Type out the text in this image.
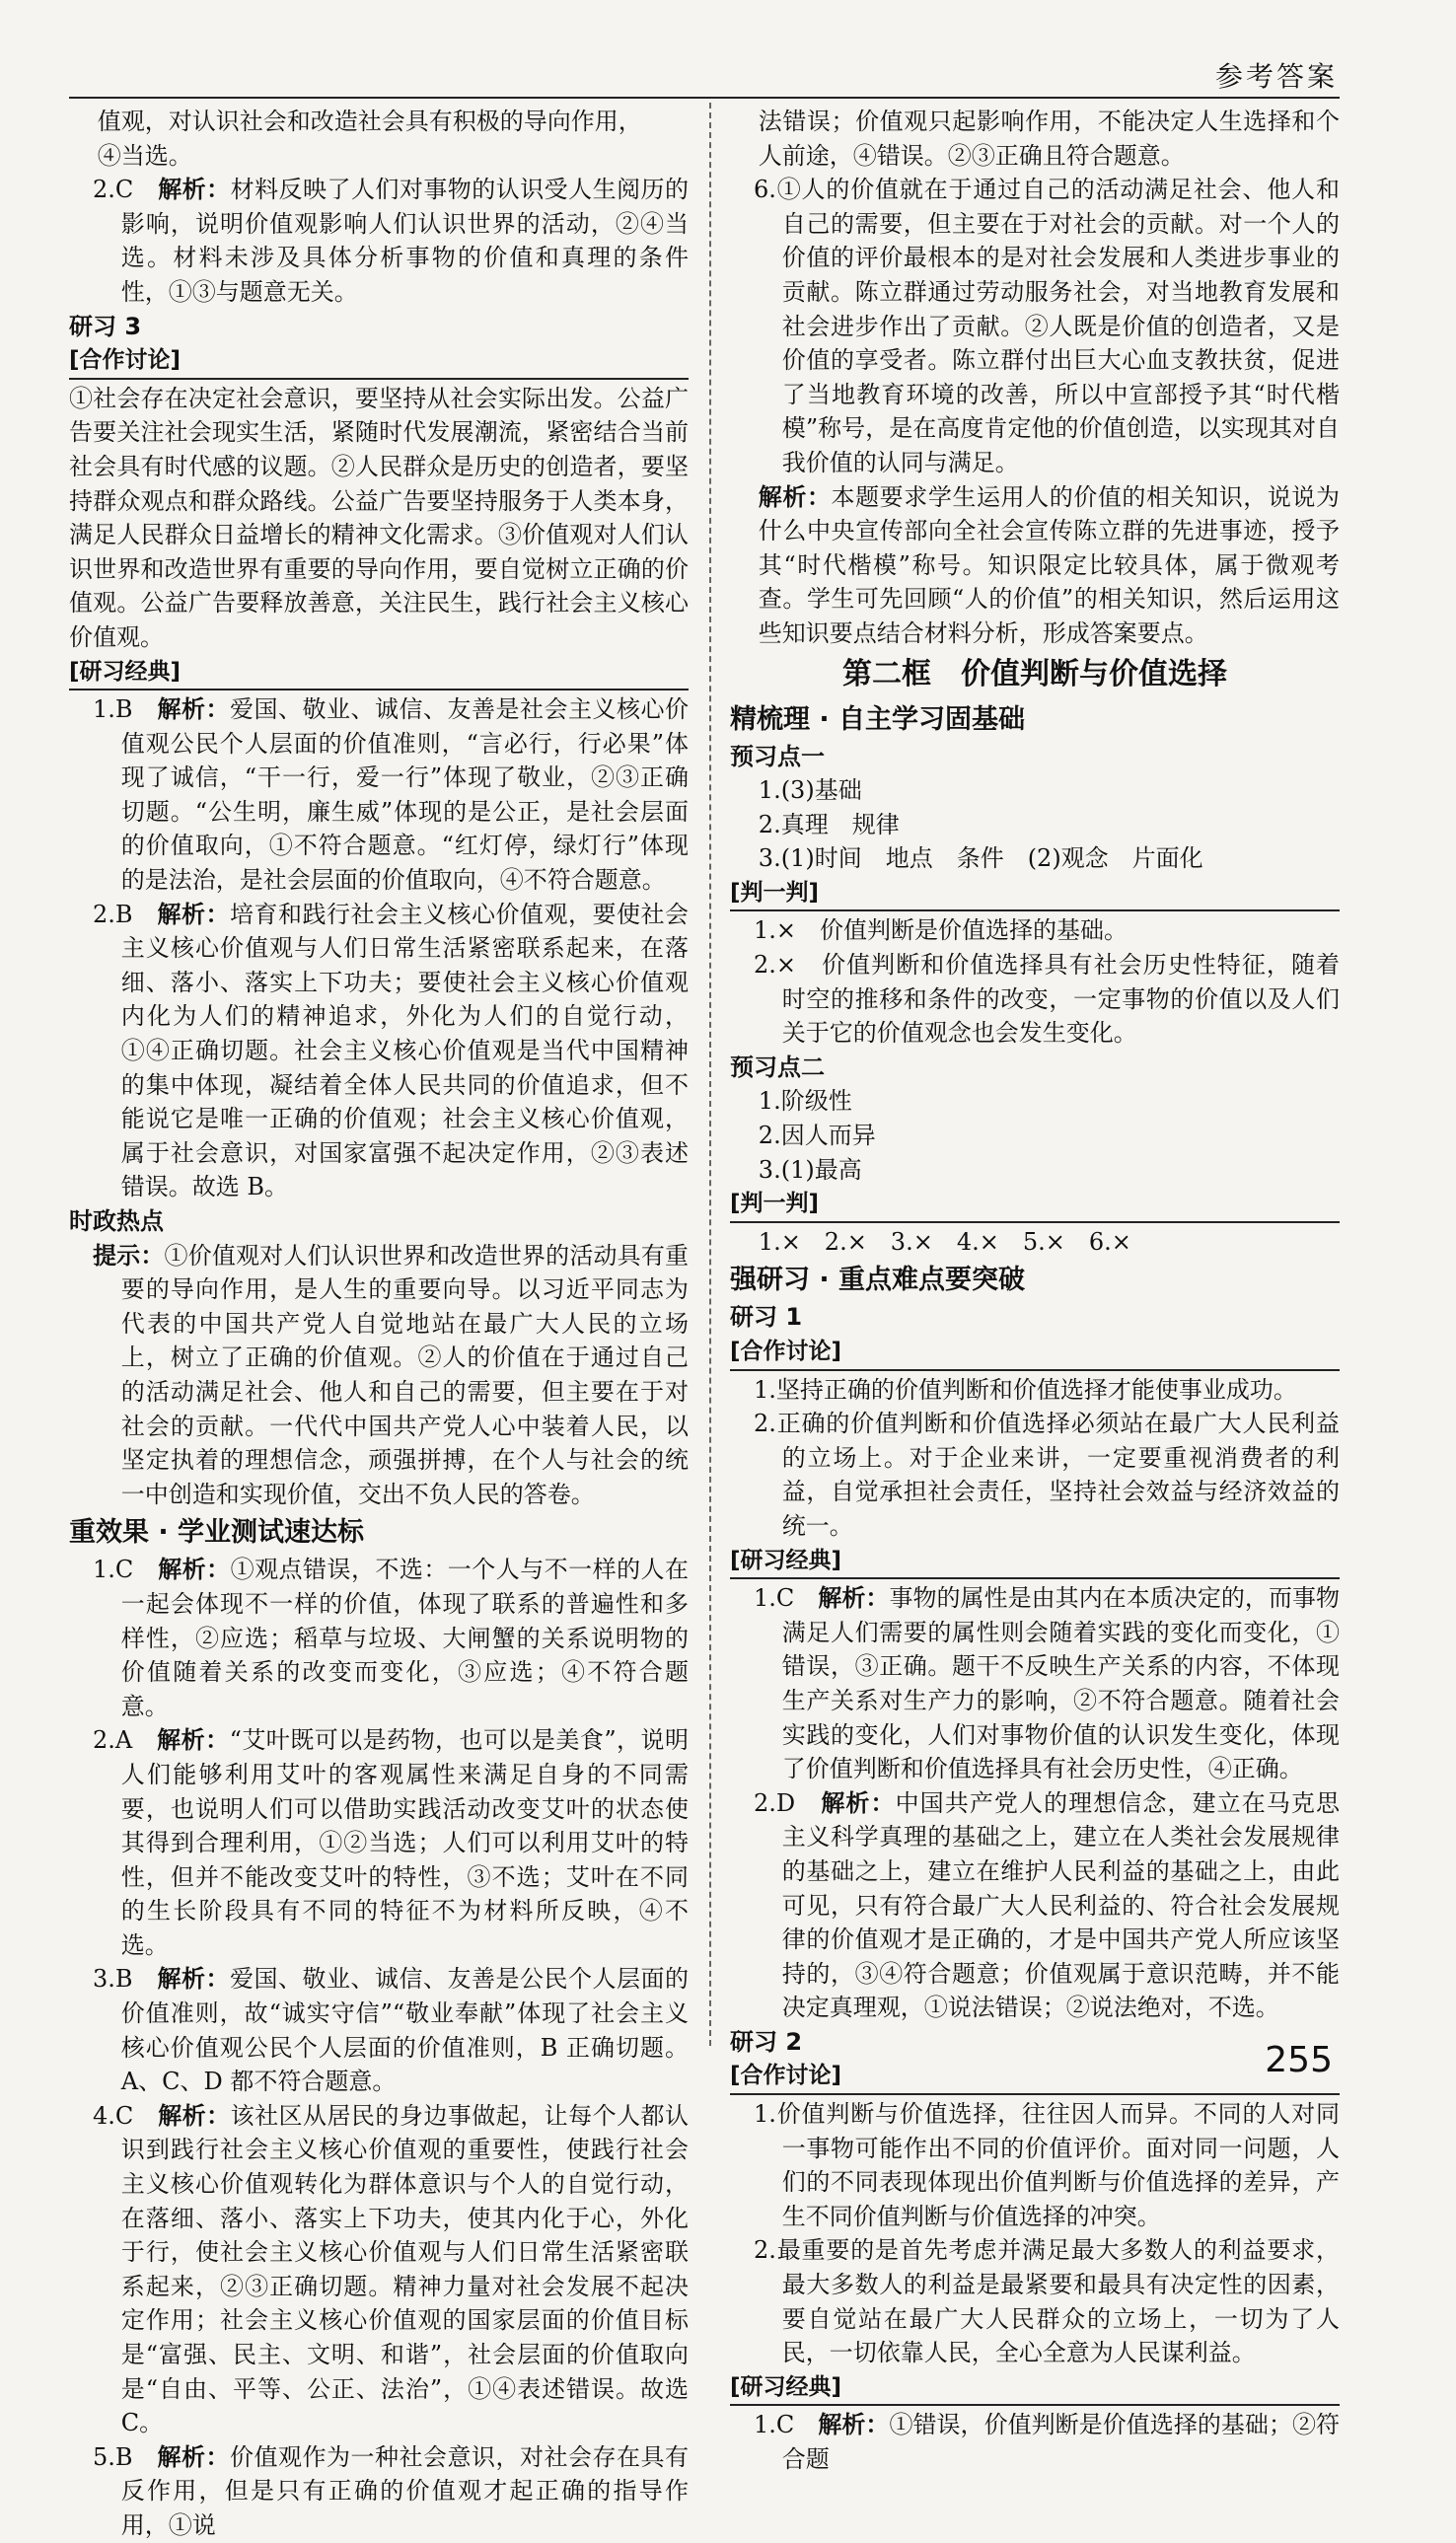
参考答案

值观，对认识社会和改造社会具有积极的导向作用，

④当选。

2.C　 解析：材料反映了人们对事物的认识受人生阅历的影响，说明价值观影响人们认识世界的活动，②④当选。材料未涉及具体分析事物的价值和真理的条件性，①③与题意无关。

研习 3

[合作讨论]

①社会存在决定社会意识，要坚持从社会实际出发。公益广告要关注社会现实生活，紧随时代发展潮流，紧密结合当前社会具有时代感的议题。②人民群众是历史的创造者，要坚持群众观点和群众路线。公益广告要坚持服务于人类本身，满足人民群众日益增长的精神文化需求。③价值观对人们认识世界和改造世界有重要的导向作用，要自觉树立正确的价值观。公益广告要释放善意，关注民生，践行社会主义核心价值观。

[研习经典]

1.B　 解析：爱国、敬业、诚信、友善是社会主义核心价值观公民个人层面的价值准则，“言必行，行必果”体现了诚信，“干一行，爱一行”体现了敬业，②③正确切题。“公生明，廉生威”体现的是公正，是社会层面的价值取向，①不符合题意。“红灯停，绿灯行”体现的是法治，是社会层面的价值取向，④不符合题意。

2.B　 解析：培育和践行社会主义核心价值观，要使社会主义核心价值观与人们日常生活紧密联系起来，在落细、落小、落实上下功夫；要使社会主义核心价值观内化为人们的精神追求，外化为人们的自觉行动，①④正确切题。社会主义核心价值观是当代中国精神的集中体现，凝结着全体人民共同的价值追求，但不能说它是唯一正确的价值观；社会主义核心价值观，属于社会意识，对国家富强不起决定作用，②③表述错误。故选 B。

时政热点

提示：①价值观对人们认识世界和改造世界的活动具有重要的导向作用，是人生的重要向导。以习近平同志为代表的中国共产党人自觉地站在最广大人民的立场上，树立了正确的价值观。②人的价值在于通过自己的活动满足社会、他人和自己的需要，但主要在于对社会的贡献。一代代中国共产党人心中装着人民，以坚定执着的理想信念，顽强拼搏，在个人与社会的统一中创造和实现价值，交出不负人民的答卷。

重效果 · 学业测试速达标

1.C　 解析：①观点错误，不选：一个人与不一样的人在一起会体现不一样的价值，体现了联系的普遍性和多样性，②应选；稻草与垃圾、大闸蟹的关系说明物的价值随着关系的改变而变化，③应选；④不符合题意。

2.A　 解析：“艾叶既可以是药物，也可以是美食”，说明人们能够利用艾叶的客观属性来满足自身的不同需要，也说明人们可以借助实践活动改变艾叶的状态使其得到合理利用，①②当选；人们可以利用艾叶的特性，但并不能改变艾叶的特性，③不选；艾叶在不同的生长阶段具有不同的特征不为材料所反映，④不选。

3.B　 解析：爱国、敬业、诚信、友善是公民个人层面的价值准则，故“诚实守信”“敬业奉献”体现了社会主义核心价值观公民个人层面的价值准则，B 正确切题。A、C、D 都不符合题意。

4.C　 解析：该社区从居民的身边事做起，让每个人都认识到践行社会主义核心价值观的重要性，使践行社会主义核心价值观转化为群体意识与个人的自觉行动，在落细、落小、落实上下功夫，使其内化于心，外化于行，使社会主义核心价值观与人们日常生活紧密联系起来，②③正确切题。精神力量对社会发展不起决定作用；社会主义核心价值观的国家层面的价值目标是“富强、民主、文明、和谐”，社会层面的价值取向是“自由、平等、公正、法治”，①④表述错误。故选 C。

5.B　 解析：价值观作为一种社会意识，对社会存在具有反作用，但是只有正确的价值观才起正确的指导作用，①说

法错误；价值观只起影响作用，不能决定人生选择和个人前途，④错误。②③正确且符合题意。

6.①人的价值就在于通过自己的活动满足社会、他人和自己的需要，但主要在于对社会的贡献。对一个人的价值的评价最根本的是对社会发展和人类进步事业的贡献。陈立群通过劳动服务社会，对当地教育发展和社会进步作出了贡献。②人既是价值的创造者，又是价值的享受者。陈立群付出巨大心血支教扶贫，促进了当地教育环境的改善，所以中宣部授予其“时代楷模”称号，是在高度肯定他的价值创造，以实现其对自我价值的认同与满足。

解析：本题要求学生运用人的价值的相关知识，说说为什么中央宣传部向全社会宣传陈立群的先进事迹，授予其“时代楷模”称号。知识限定比较具体，属于微观考查。学生可先回顾“人的价值”的相关知识，然后运用这些知识要点结合材料分析，形成答案要点。

第二框　价值判断与价值选择

精梳理 · 自主学习固基础

预习点一

1.(3)基础

2.真理　规律

3.(1)时间　地点　条件　(2)观念　片面化

[判一判]

1.×　价值判断是价值选择的基础。

2.×　价值判断和价值选择具有社会历史性特征，随着时空的推移和条件的改变，一定事物的价值以及人们关于它的价值观念也会发生变化。

预习点二

1.阶级性

2.因人而异

3.(1)最高

[判一判]

1.×　2.×　3.×　4.×　5.×　6.×

强研习 · 重点难点要突破

研习 1

[合作讨论]

1.坚持正确的价值判断和价值选择才能使事业成功。

2.正确的价值判断和价值选择必须站在最广大人民利益的立场上。对于企业来讲，一定要重视消费者的利益，自觉承担社会责任，坚持社会效益与经济效益的统一。

[研习经典]

1.C　 解析：事物的属性是由其内在本质决定的，而事物满足人们需要的属性则会随着实践的变化而变化，①错误，③正确。题干不反映生产关系的内容，不体现生产关系对生产力的影响，②不符合题意。随着社会实践的变化，人们对事物价值的认识发生变化，体现了价值判断和价值选择具有社会历史性，④正确。

2.D　 解析：中国共产党人的理想信念，建立在马克思主义科学真理的基础之上，建立在人类社会发展规律的基础之上，建立在维护人民利益的基础之上，由此可见，只有符合最广大人民利益的、符合社会发展规律的价值观才是正确的，才是中国共产党人所应该坚持的，③④符合题意；价值观属于意识范畴，并不能决定真理观，①说法错误；②说法绝对，不选。

研习 2

[合作讨论]

1.价值判断与价值选择，往往因人而异。不同的人对同一事物可能作出不同的价值评价。面对同一问题，人们的不同表现体现出价值判断与价值选择的差异，产生不同价值判断与价值选择的冲突。

2.最重要的是首先考虑并满足最大多数人的利益要求，最大多数人的利益是最紧要和最具有决定性的因素，要自觉站在最广大人民群众的立场上，一切为了人民，一切依靠人民，全心全意为人民谋利益。

[研习经典]

1.C　 解析：①错误，价值判断是价值选择的基础；②符合题

255
